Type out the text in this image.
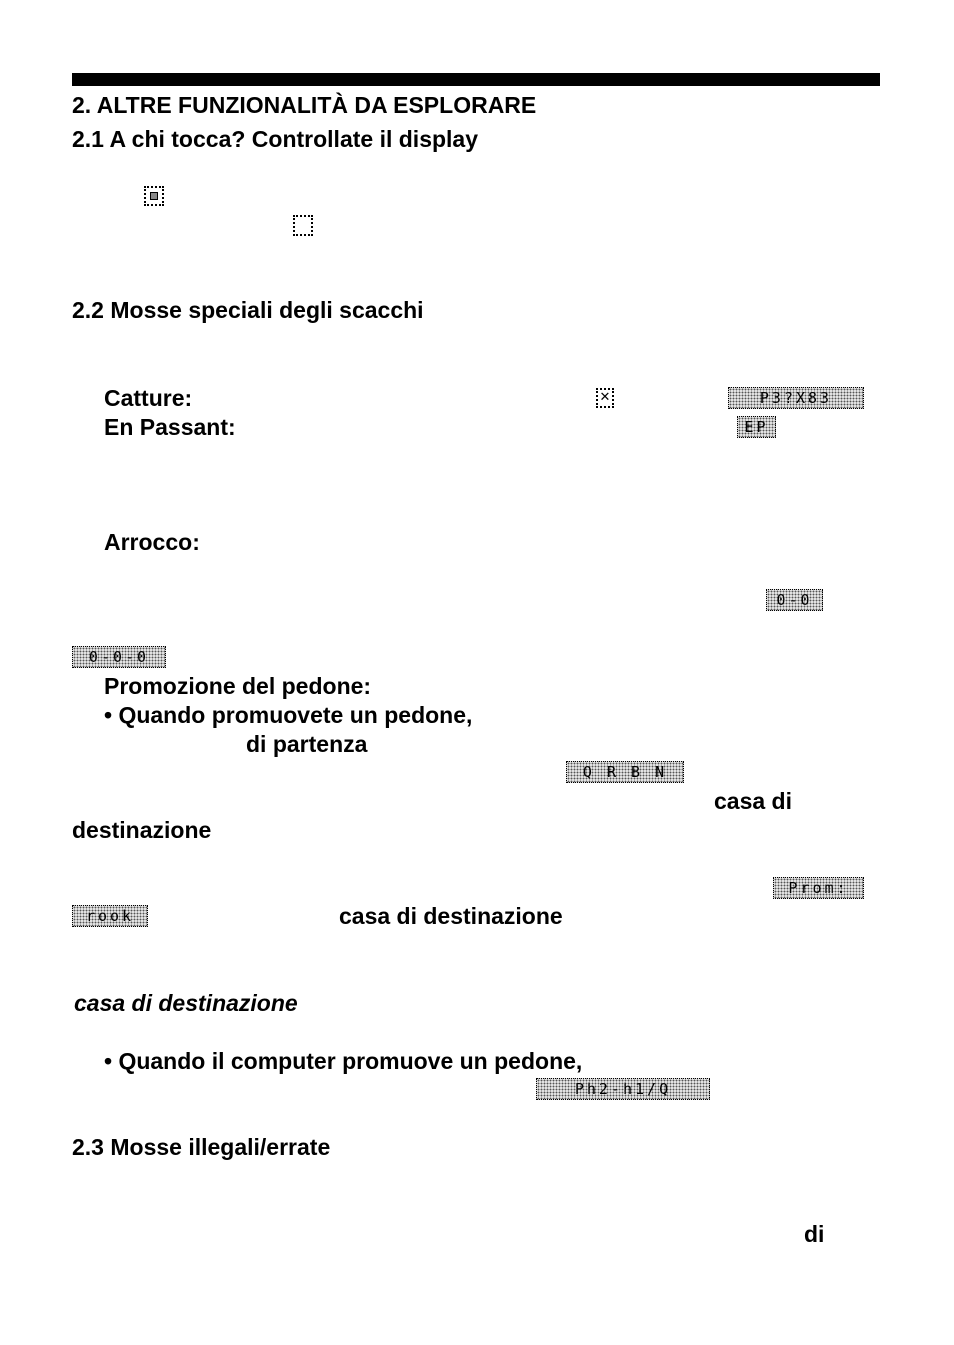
2. ALTRE FUNZIONALITÀ DA ESPLORARE
2.1 A chi tocca? Controllate il display
2.2 Mosse speciali degli scacchi
Catture:
✕	P3?X83
En Passant:	EP
Arrocco:
0-0
0-0-0
Promozione del pedone:
• Quando promuovete un pedone,
di partenza
Q R B N
casa di
destinazione
Prom:
rook	casa di destinazione
casa di destinazione
• Quando il computer promuove un pedone,
Ph2-h1/Q
2.3 Mosse illegali/errate
di
